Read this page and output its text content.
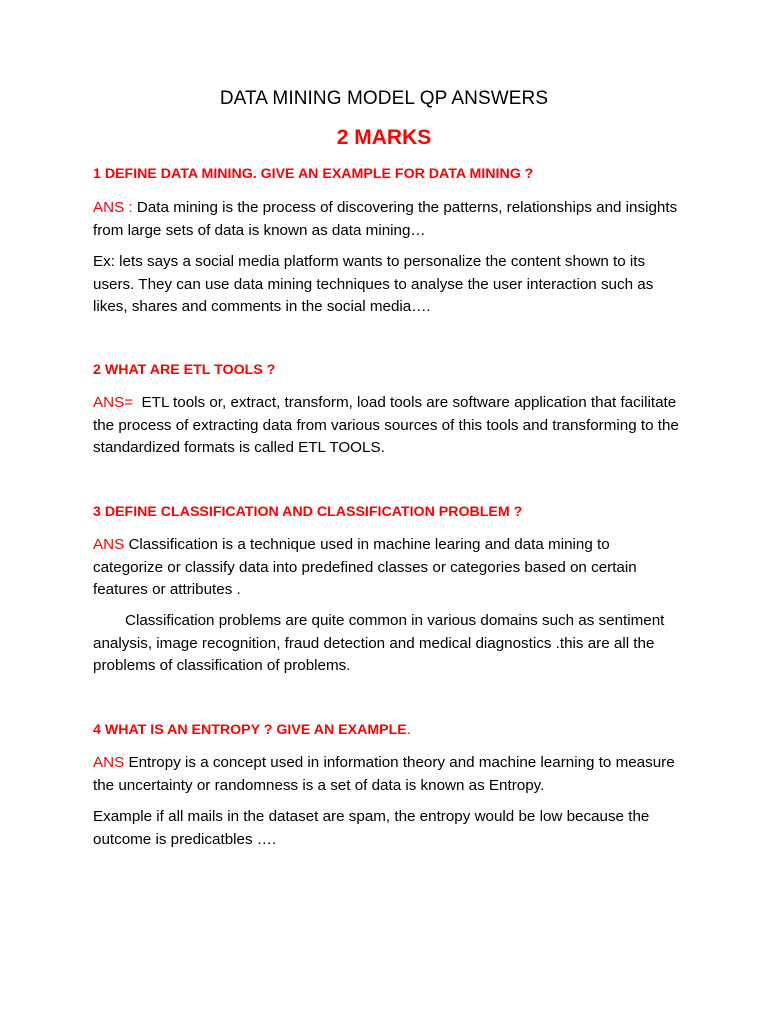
DATA MINING MODEL QP ANSWERS
2 MARKS
1 DEFINE DATA MINING. GIVE AN EXAMPLE FOR DATA MINING ?

ANS : Data mining is the process of discovering the patterns, relationships and insights from large sets of data is known as data mining…

Ex: lets says a social media platform wants to personalize the content shown to its users. They can use data mining techniques to analyse the user interaction such as likes, shares and comments in the social media….

2 WHAT ARE ETL TOOLS ?

ANS=  ETL tools or, extract, transform, load tools are software application that facilitate the process of extracting data from various sources of this tools and transforming to the standardized formats is called ETL TOOLS.

3 DEFINE CLASSIFICATION AND CLASSIFICATION PROBLEM ?

ANS Classification is a technique used in machine learing and data mining to categorize or classify data into predefined classes or categories based on certain features or attributes .

Classification problems are quite common in various domains such as sentiment analysis, image recognition, fraud detection and medical diagnostics .this are all the problems of classification of problems.

4 WHAT IS AN ENTROPY ? GIVE AN EXAMPLE.

ANS Entropy is a concept used in information theory and machine learning to measure the uncertainty or randomness is a set of data is known as Entropy.

Example if all mails in the dataset are spam, the entropy would be low because the outcome is predicatbles ….
